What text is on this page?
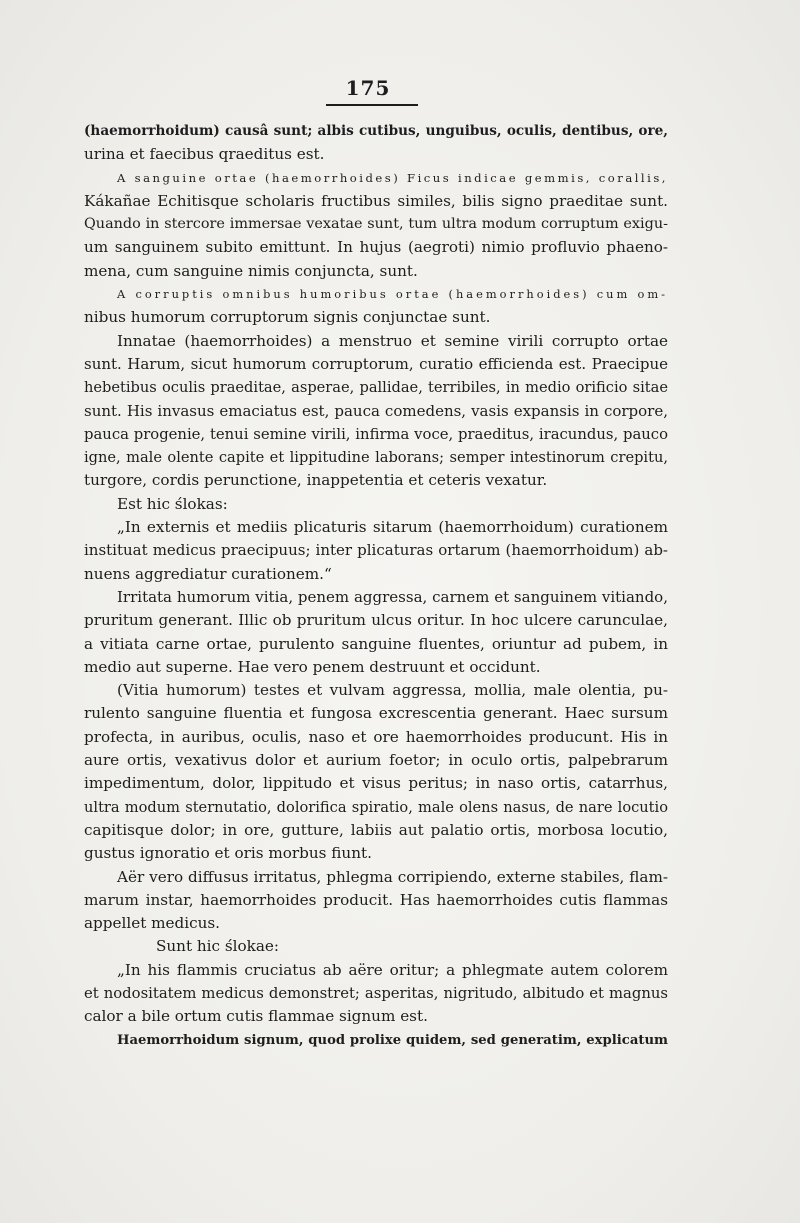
175

(haemorrhoidum) causâ sunt; albis cutibus, unguibus, oculis, dentibus, ore,
urina et faecibus qraeditus est.

A sanguine ortae (haemorrhoides) Ficus indicae gemmis, corallis,
Kákañae Echitisque scholaris fructibus similes, bilis signo praeditae sunt.
Quando in stercore immersae vexatae sunt, tum ultra modum corruptum exigu-
um sanguinem subito emittunt. In hujus (aegroti) nimio profluvio phaeno-
mena, cum sanguine nimis conjuncta, sunt.

A corruptis omnibus humoribus ortae (haemorrhoides) cum om-
nibus humorum corruptorum signis conjunctae sunt.

Innatae (haemorrhoides) a menstruo et semine virili corrupto ortae
sunt. Harum, sicut humorum corruptorum, curatio efficienda est. Praecipue
hebetibus oculis praeditae, asperae, pallidae, terribiles, in medio orificio sitae
sunt. His invasus emaciatus est, pauca comedens, vasis expansis in corpore,
pauca progenie, tenui semine virili, infirma voce, praeditus, iracundus, pauco
igne, male olente capite et lippitudine laborans; semper intestinorum crepitu,
turgore, cordis perunctione, inappetentia et ceteris vexatur.

Est hic ślokas:

„In externis et mediis plicaturis sitarum (haemorrhoidum) curationem
instituat medicus praecipuus; inter plicaturas ortarum (haemorrhoidum) ab-
nuens aggrediatur curationem.“

Irritata humorum vitia, penem aggressa, carnem et sanguinem vitiando,
pruritum generant. Illic ob pruritum ulcus oritur. In hoc ulcere carunculae,
a vitiata carne ortae, purulento sanguine fluentes, oriuntur ad pubem, in
medio aut superne. Hae vero penem destruunt et occidunt.

(Vitia humorum) testes et vulvam aggressa, mollia, male olentia, pu-
rulento sanguine fluentia et fungosa excrescentia generant. Haec sursum
profecta, in auribus, oculis, naso et ore haemorrhoides producunt. His in
aure ortis, vexativus dolor et aurium foetor; in oculo ortis, palpebrarum
impedimentum, dolor, lippitudo et visus peritus; in naso ortis, catarrhus,
ultra modum sternutatio, dolorifica spiratio, male olens nasus, de nare locutio
capitisque dolor; in ore, gutture, labiis aut palatio ortis, morbosa locutio,
gustus ignoratio et oris morbus fiunt.

Aër vero diffusus irritatus, phlegma corripiendo, externe stabiles, flam-
marum instar, haemorrhoides producit. Has haemorrhoides cutis flammas
appellet medicus.

Sunt hic ślokae:

„In his flammis cruciatus ab aëre oritur; a phlegmate autem colorem
et nodositatem medicus demonstret; asperitas, nigritudo, albitudo et magnus
calor a bile ortum cutis flammae signum est.

Haemorrhoidum signum, quod prolixe quidem, sed generatim, explicatum
